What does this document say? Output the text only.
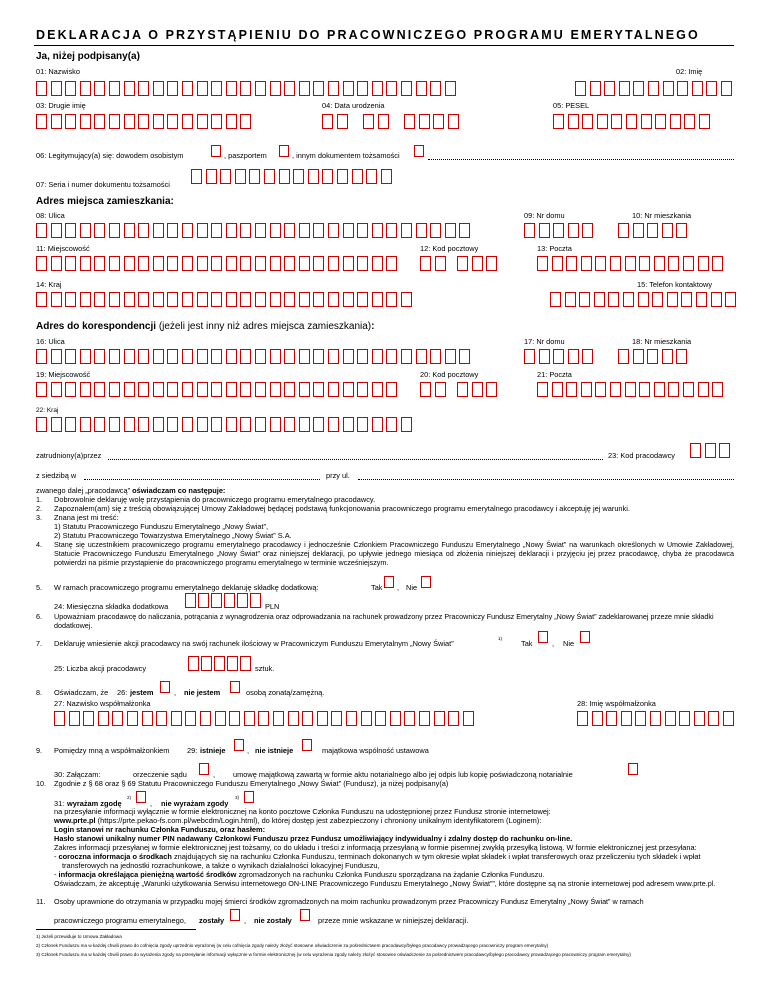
DEKLARACJA O PRZYSTĄPIENIU DO PRACOWNICZEGO PROGRAMU EMERYTALNEGO
Ja, niżej podpisany(a)
01: Nazwisko	02: Imię
03: Drugie imię	04: Data urodzenia	05: PESEL
06: Legitymujący(a) się: dowodem osobistym	, paszportem	, innym dokumentem tożsamości
07: Seria i numer dokumentu tożsamości
Adres miejsca zamieszkania:
08: Ulica	09: Nr domu	10: Nr mieszkania
11: Miejscowość	12: Kod pocztowy	13: Poczta
14: Kraj	15: Telefon kontaktowy
Adres do korespondencji (jeżeli jest inny niż adres miejsca zamieszkania):
16: Ulica	17: Nr domu	18: Nr mieszkania
19: Miejscowość	20: Kod pocztowy	21: Poczta
22: Kraj
zatrudniony(a)przez	23: Kod pracodawcy
z siedzibą w	przy ul.
zwanego dalej „pracodawcą” oświadczam co następuje:
1. Dobrowolnie deklaruję wolę przystąpienia do pracowniczego programu emerytalnego pracodawcy.
2. Zapoznałem(am) się z treścią obowiązującej Umowy Zakładowej będącej podstawą funkcjonowania pracowniczego programu emerytalnego pracodawcy i akceptuję jej warunki.
3. Znana jest mi treść:
1) Statutu Pracowniczego Funduszu Emerytalnego „Nowy Świat”,
2) Statutu Pracowniczego Towarzystwa Emerytalnego „Nowy Świat” S.A.
4. Stanę się uczestnikiem pracowniczego programu emerytalnego pracodawcy i jednocześnie Członkiem Pracowniczego Funduszu Emerytalnego „Nowy Świat” na warunkach określonych w Umowie Zakładowej, Statucie Pracowniczego Funduszu Emerytalnego „Nowy Świat” oraz niniejszej deklaracji, po upływie jednego miesiąca od złożenia niniejszej deklaracji i przyjęciu jej przez pracodawcę, chyba że pracodawca potwierdzi na piśmie przystąpienie do pracowniczego programu emerytalnego w terminie wcześniejszym.
5. W ramach pracowniczego programu emerytalnego deklaruję składkę dodatkową:	Tak , Nie
24: Miesięczna składka dodatkowa	PLN
6. Upoważniam pracodawcę do naliczania, potrącania z wynagrodzenia oraz odprowadzania na rachunek prowadzony przez Pracowniczy Fundusz Emerytalny „Nowy Świat” zadeklarowanej przeze mnie składki dodatkowej.
7. Deklaruję wniesienie akcji pracodawcy na swój rachunek ilościowy w Pracowniczym Funduszu Emerytalnym „Nowy Świat”
1)
Tak	, Nie
25: Liczba akcji pracodawcy	sztuk.
8. Oświadczam, że 26: jestem	, nie jestem	osobą zonatą/zamężną.
27: Nazwisko współmałżonka	28: Imię współmałżonka
9. Pomiędzy mną a współmałżonkiem 29: istnieje	, nie istnieje	majątkowa wspólność ustawowa
30: Załączam:	orzeczenie sądu	, umowę majątkową zawartą w formie aktu notarialnego albo jej odpis lub kopię poświadczoną notarialnie
10. Zgodnie z § 68 oraz § 69 Statutu Pracowniczego Funduszu Emerytalnego „Nowy Świat” (Fundusz), ja niżej podpisany(a)
31: wyrażam zgodę
2)
, nie wyrażam zgody
3)
na przesyłanie informacji wyłącznie w formie elektronicznej na konto pocztowe Członka Funduszu na udostępnionej przez Fundusz stronie internetowej:
www.prte.pl (https://prte.pekao-fs.com.pl/webcdm/Login.html), do której dostęp jest zabezpieczony i chroniony unikalnym identyfikatorem (Loginem):
Login stanowi nr rachunku Członka Funduszu, oraz hasłem:
Hasło stanowi unikalny numer PIN nadawany Członkowi Funduszu przez Fundusz umożliwiający indywidualny i zdalny dostęp do rachunku on-line.
Zakres informacji przesyłanej w formie elektronicznej jest tożsamy, co do układu i treści z informacją przesyłaną w formie pisemnej zwykłą przesyłką listową. W formie elektronicznej jest przesyłana:
- coroczna informacja o środkach znajdujących się na rachunku Członka Funduszu, terminach dokonanych w tym okresie wpłat składek i wpłat transferowych oraz przeliczeniu tych składek i wpłat
transferowych na jednostki rozrachunkowe, a także o wynikach działalności lokacyjnej Funduszu,
- informacja określająca pieniężną wartość środków zgromadzonych na rachunku Członka Funduszu sporządzana na żądanie Członka Funduszu.
Oświadczam, że akceptuję „Warunki użytkowania Serwisu internetowego ON-LINE Pracowniczego Funduszu Emerytalnego „Nowy Świat””, które dostępne są na stronie internetowej pod adresem www.prte.pl.
11. Osoby uprawnione do otrzymania w przypadku mojej śmierci środków zgromadzonych na moim rachunku prowadzonym przez Pracowniczy Fundusz Emerytalny „Nowy Świat” w ramach
pracowniczego programu emerytalnego, zostały	, nie zostały	przeze mnie wskazane w niniejszej deklaracji.
1) Jeżeli przewiduje to Umowa Zakładowa
2) Członek Funduszu ma w każdej chwili prawo do cofnięcia zgody uprzednio wyrażonej (w celu cofnięcia zgody należy złożyć stosowne oświadczenie za pośrednictwem pracodawcy/byłego pracodawcy prowadzącego pracowniczy program emerytalny)
3) Członek Funduszu ma w każdej chwili prawo do wyrażenia zgody na przesyłanie informacji wyłącznie w formie elektronicznej (w celu wyrażenia zgody należy złożyć stosowne oświadczenie za pośrednictwem pracodawcy/byłego pracodawcy prowadzącego pracowniczy program emerytalny)
